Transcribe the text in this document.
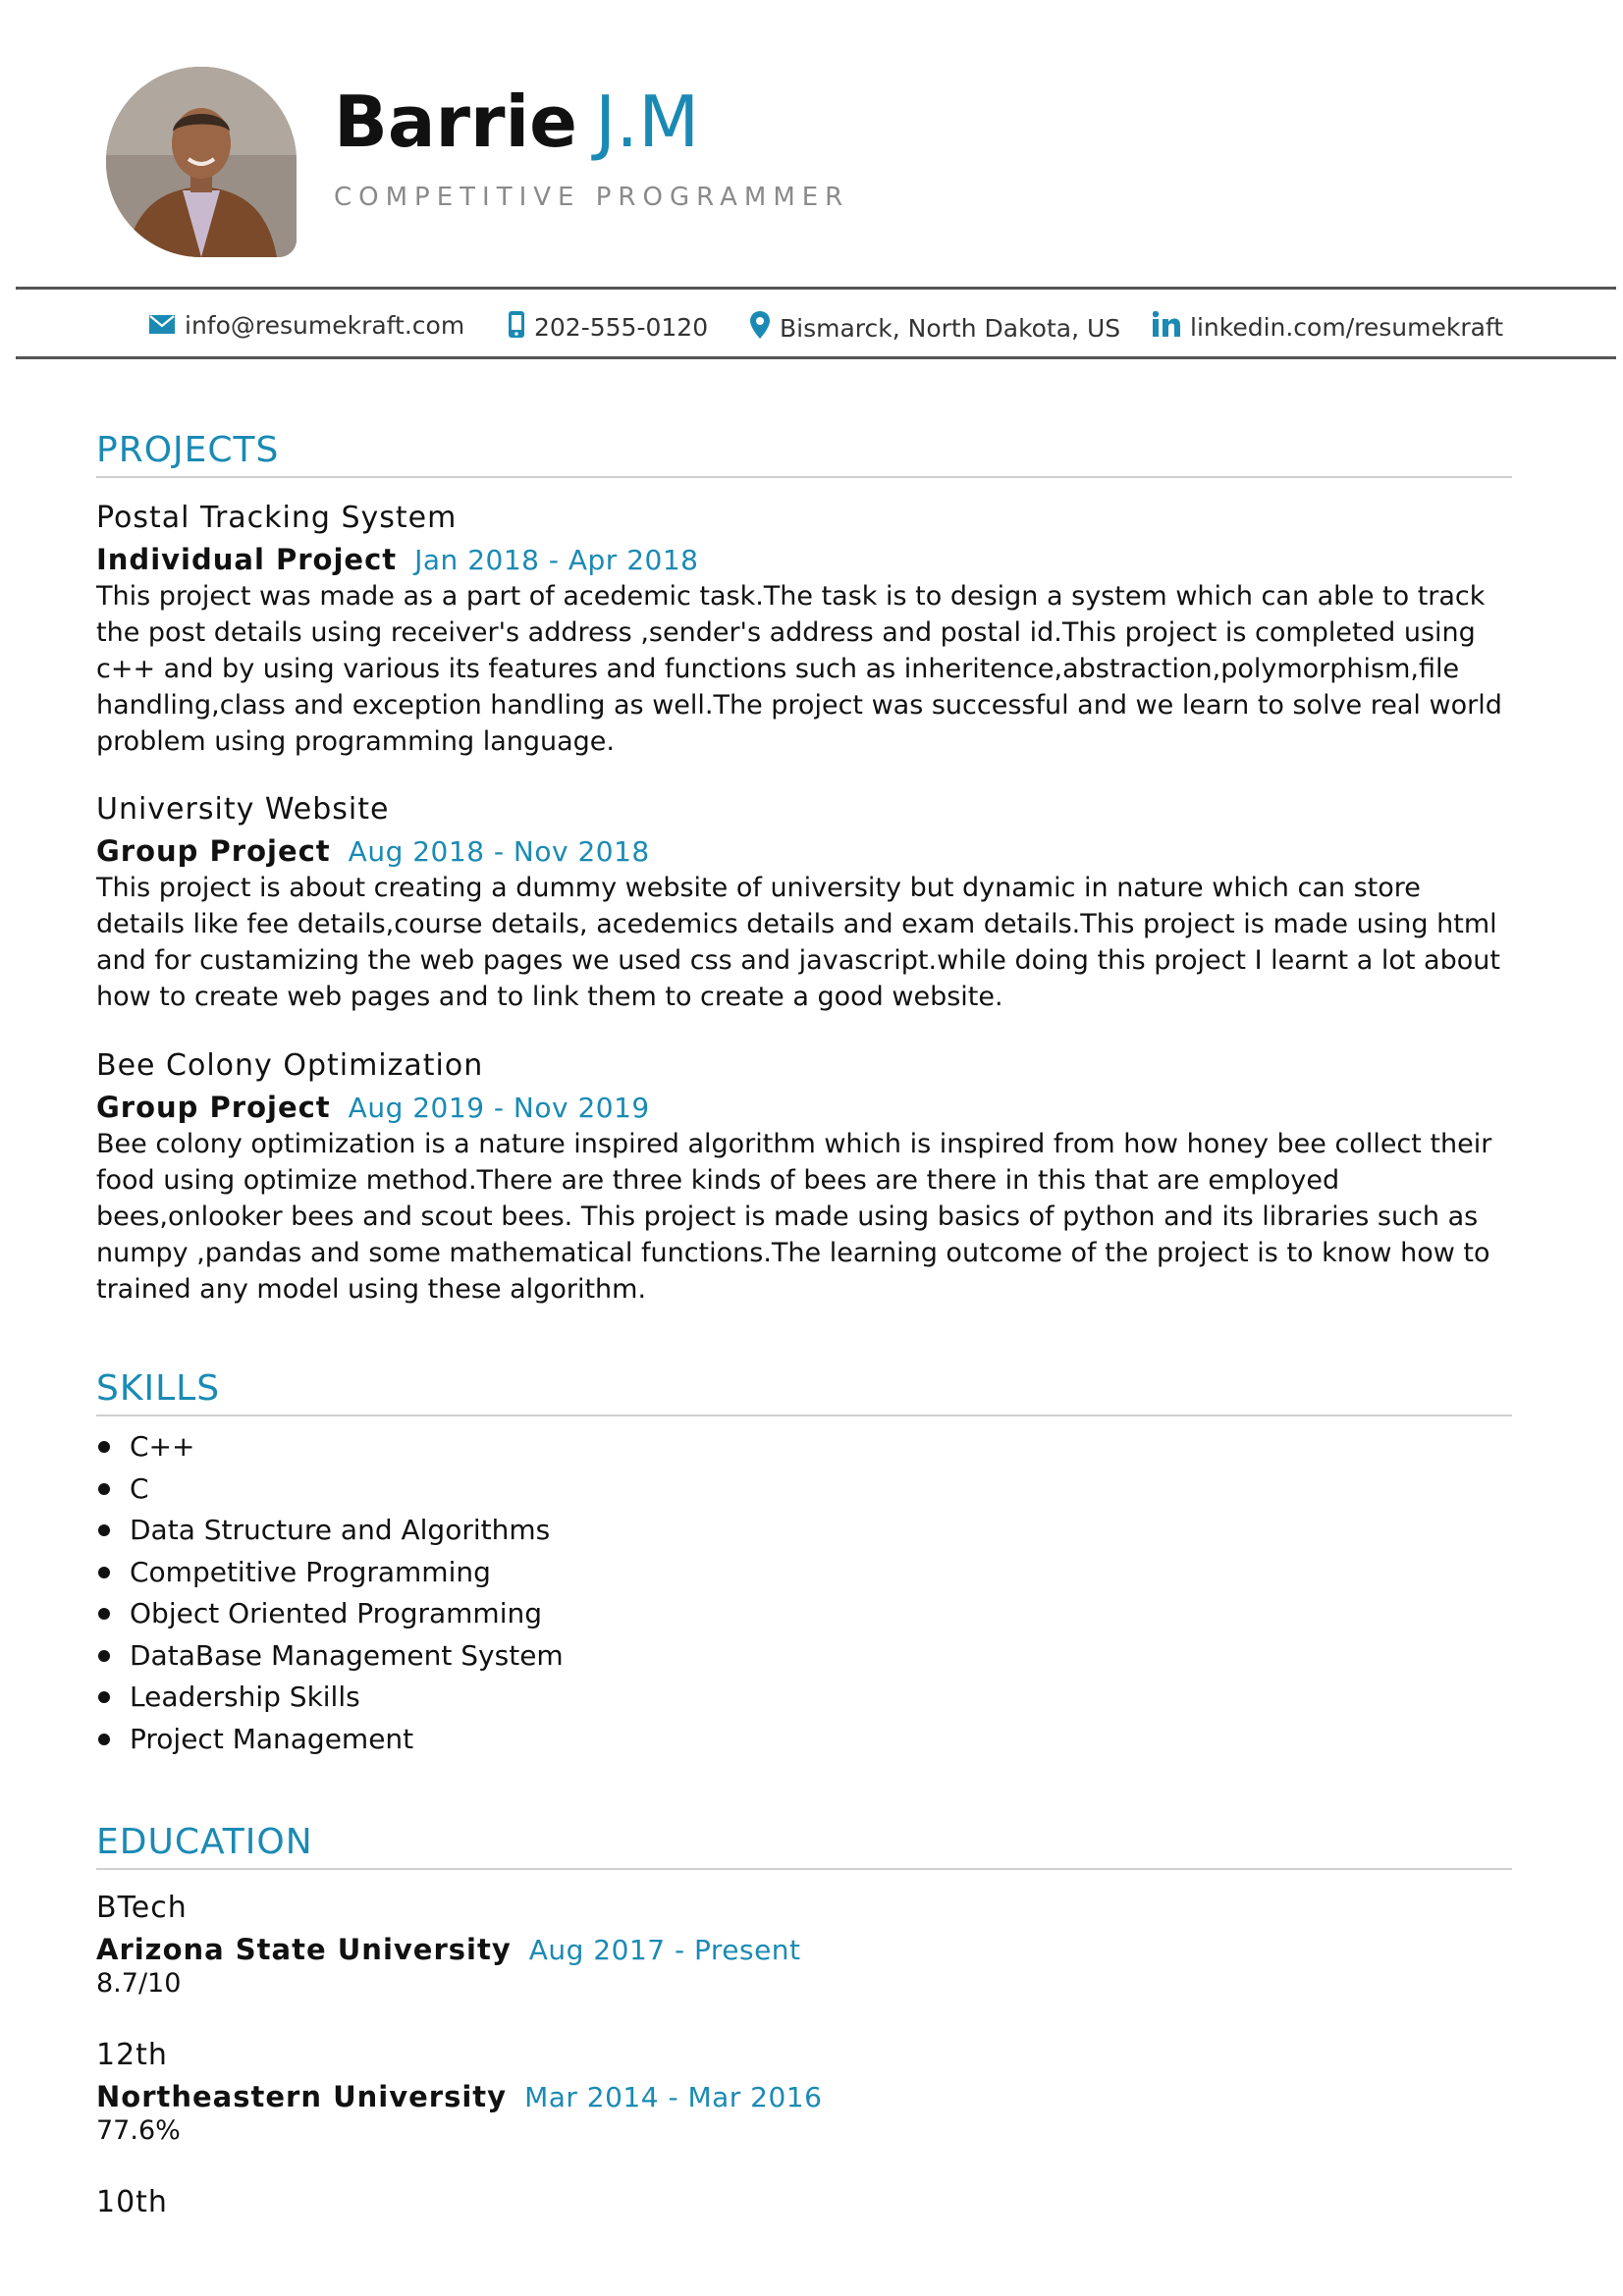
Barrie J.M
COMPETITIVE PROGRAMMER
info@resumekraft.com	202-555-0120	Bismarck, North Dakota, US	linkedin.com/resumekraft
PROJECTS
Postal Tracking System
Individual Project Jan 2018 - Apr 2018
This project was made as a part of acedemic task.The task is to design a system which can able to track the post details using receiver's address ,sender's address and postal id.This project is completed using c++ and by using various its features and functions such as inheritence,abstraction,polymorphism,file handling,class and exception handling as well.The project was successful and we learn to solve real world problem using programming language.
University Website
Group Project Aug 2018 - Nov 2018
This project is about creating a dummy website of university but dynamic in nature which can store details like fee details,course details, acedemics details and exam details.This project is made using html and for custamizing the web pages we used css and javascript.while doing this project I learnt a lot about how to create web pages and to link them to create a good website.
Bee Colony Optimization
Group Project Aug 2019 - Nov 2019
Bee colony optimization is a nature inspired algorithm which is inspired from how honey bee collect their food using optimize method.There are three kinds of bees are there in this that are employed bees,onlooker bees and scout bees. This project is made using basics of python and its libraries such as numpy ,pandas and some mathematical functions.The learning outcome of the project is to know how to trained any model using these algorithm.
SKILLS
C++
C
Data Structure and Algorithms
Competitive Programming
Object Oriented Programming
DataBase Management System
Leadership Skills
Project Management
EDUCATION
BTech
Arizona State University Aug 2017 - Present
8.7/10
12th
Northeastern University Mar 2014 - Mar 2016
77.6%
10th
